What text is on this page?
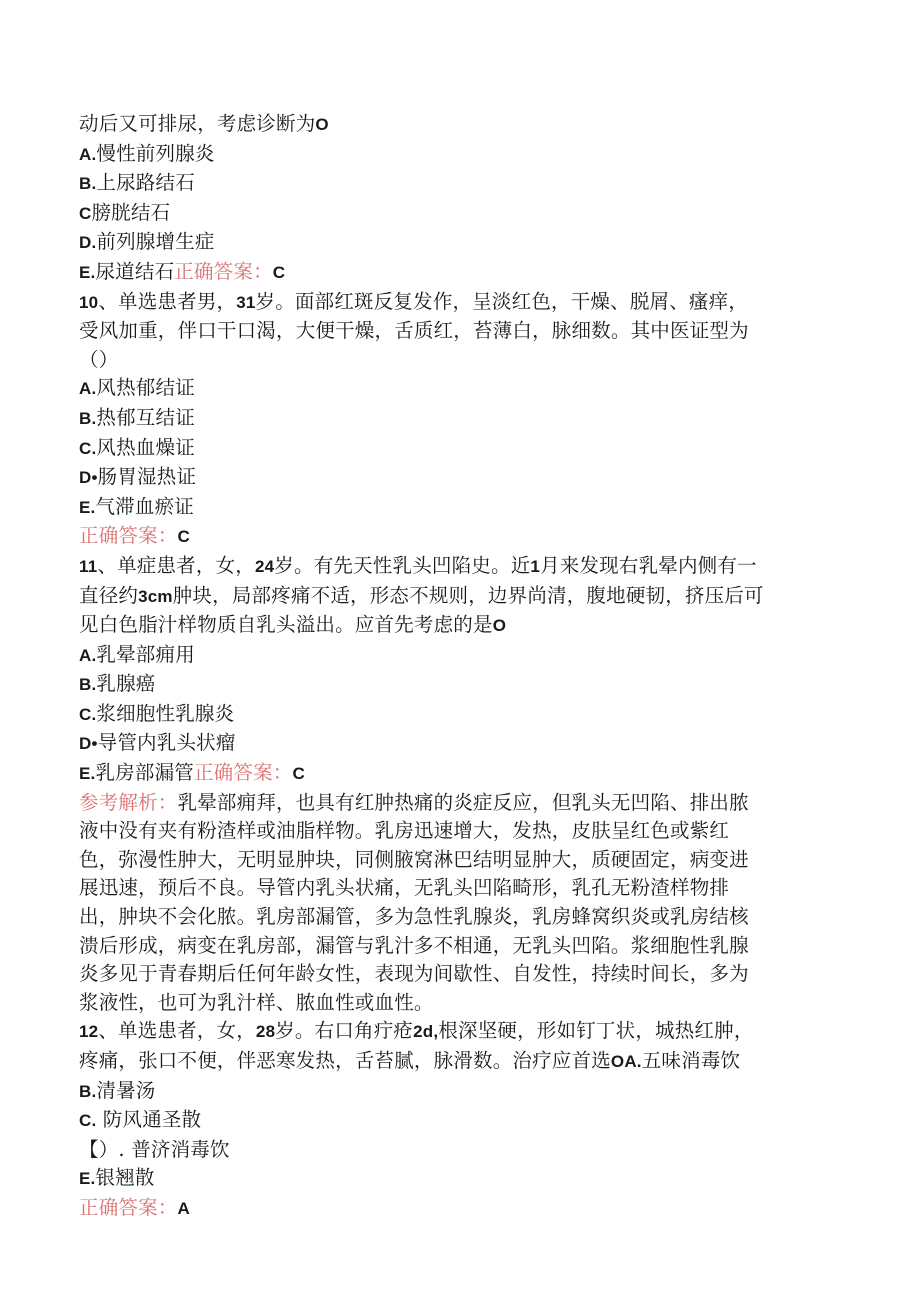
动后又可排尿，考虑诊断为O
A.慢性前列腺炎
B.上尿路结石
C膀胱结石
D.前列腺增生症
E.尿道结石正确答案：C
10、单选患者男，31岁。面部红斑反复发作，呈淡红色，干燥、脱屑、瘙痒，
受风加重，伴口干口渴，大便干燥，舌质红，苔薄白，脉细数。其中医证型为
（）
A.风热郁结证
B.热郁互结证
C.风热血燥证
D•肠胃湿热证
E.气滞血瘀证
正确答案：C
11、单症患者，女，24岁。有先天性乳头凹陷史。近1月来发现右乳晕内侧有一
直径约3cm肿块，局部疼痛不适，形态不规则，边界尚清，腹地硬韧，挤压后可
见白色脂汁样物质自乳头溢出。应首先考虑的是O
A.乳晕部痈用
B.乳腺癌
C.浆细胞性乳腺炎
D•导管内乳头状瘤
E.乳房部漏管正确答案：C
参考解析：乳晕部痈拜，也具有红肿热痛的炎症反应，但乳头无凹陷、排出脓
液中没有夹有粉渣样或油脂样物。乳房迅速增大，发热，皮肤呈红色或紫红
色，弥漫性肿大，无明显肿块，同侧腋窝淋巴结明显肿大，质硬固定，病变进
展迅速，预后不良。导管内乳头状痛，无乳头凹陷畸形，乳孔无粉渣样物排
出，肿块不会化脓。乳房部漏管，多为急性乳腺炎，乳房蜂窝织炎或乳房结核
溃后形成，病变在乳房部，漏管与乳汁多不相通，无乳头凹陷。浆细胞性乳腺
炎多见于青春期后任何年龄女性，表现为间歇性、自发性，持续时间长，多为
浆液性，也可为乳汁样、脓血性或血性。
12、单选患者，女，28岁。右口角疔疮2d,根深坚硬，形如钉丁状，城热红肿，
疼痛，张口不便，伴恶寒发热，舌苔腻，脉滑数。治疗应首选OA.五味消毒饮
B.清暑汤
C. 防风通圣散
【）. 普济消毒饮
E.银翘散
正确答案：A
